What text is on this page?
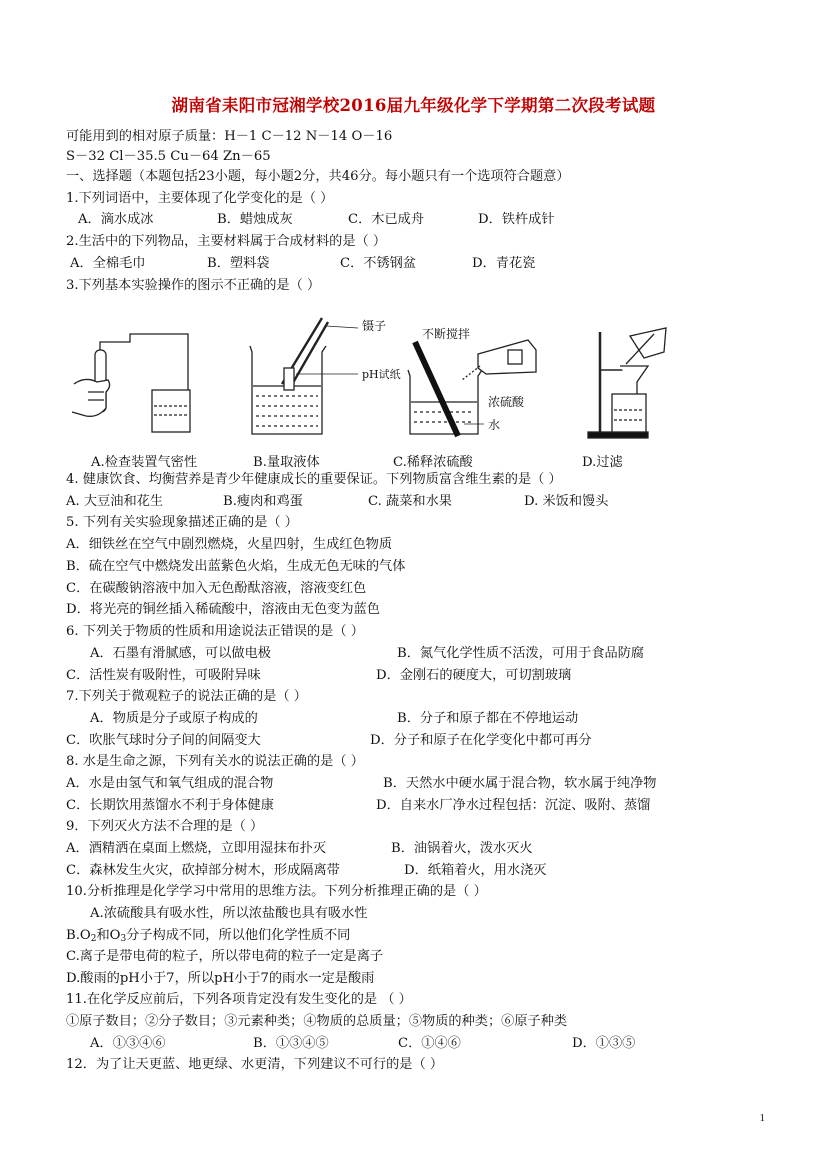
湖南省耒阳市冠湘学校2016届九年级化学下学期第二次段考试题
可能用到的相对原子质量：H－1 C－12 N－14 O－16
S－32 Cl－35.5 Cu－64 Zn－65
一、选择题（本题包括23小题，每小题2分，共46分。每小题只有一个选项符合题意）
1.下列词语中，主要体现了化学变化的是（ ）
A．滴水成冰	B．蜡烛成灰	C．木已成舟	D．铁杵成针
2.生活中的下列物品，主要材料属于合成材料的是（ ）
A．全棉毛巾	B．塑料袋	C．不锈钢盆	D．青花瓷
3.下列基本实验操作的图示不正确的是（ ）
镊子
pH试纸
不断搅拌
浓硫酸
水
A.检查装置气密性	B.量取液体	C.稀释浓硫酸	D.过滤
4. 健康饮食、均衡营养是青少年健康成长的重要保证。下列物质富含维生素的是（ ）
A. 大豆油和花生	B.瘦肉和鸡蛋	C. 蔬菜和水果	D. 米饭和馒头
5. 下列有关实验现象描述正确的是（ ）
A．细铁丝在空气中剧烈燃烧，火星四射，生成红色物质
B．硫在空气中燃烧发出蓝紫色火焰，生成无色无味的气体
C．在碳酸钠溶液中加入无色酚酞溶液，溶液变红色
D．将光亮的铜丝插入稀硫酸中，溶液由无色变为蓝色
6. 下列关于物质的性质和用途说法正错误的是（ ）
A．石墨有滑腻感，可以做电极	B．氮气化学性质不活泼，可用于食品防腐
C．活性炭有吸附性，可吸附异味	D．金刚石的硬度大，可切割玻璃
7.下列关于微观粒子的说法正确的是（ ）
A．物质是分子或原子构成的	B．分子和原子都在不停地运动
C．吹胀气球时分子间的间隔变大	D．分子和原子在化学变化中都可再分
8. 水是生命之源，下列有关水的说法正确的是（ ）
A．水是由氢气和氧气组成的混合物	B．天然水中硬水属于混合物，软水属于纯净物
C．长期饮用蒸馏水不利于身体健康	D．自来水厂净水过程包括：沉淀、吸附、蒸馏
9．下列灭火方法不合理的是（ ）
A．酒精洒在桌面上燃烧，立即用湿抹布扑灭	B．油锅着火，泼水灭火
C．森林发生火灾，砍掉部分树木，形成隔离带	D．纸箱着火，用水浇灭
10.分析推理是化学学习中常用的思维方法。下列分析推理正确的是（ ）
A.浓硫酸具有吸水性，所以浓盐酸也具有吸水性
$B.O_2$和$O_3$分子构成不同，所以他们化学性质不同
C.离子是带电荷的粒子，所以带电荷的粒子一定是离子
D.酸雨的pH小于7，所以pH小于7的雨水一定是酸雨
11.在化学反应前后，下列各项肯定没有发生变化的是 （ ）
①原子数目；②分子数目；③元素种类；④物质的总质量；⑤物质的种类；⑥原子种类
A．①③④⑥	B．①③④⑤	C．①④⑥	D．①③⑤
12．为了让天更蓝、地更绿、水更清，下列建议不可行的是（ ）
1
